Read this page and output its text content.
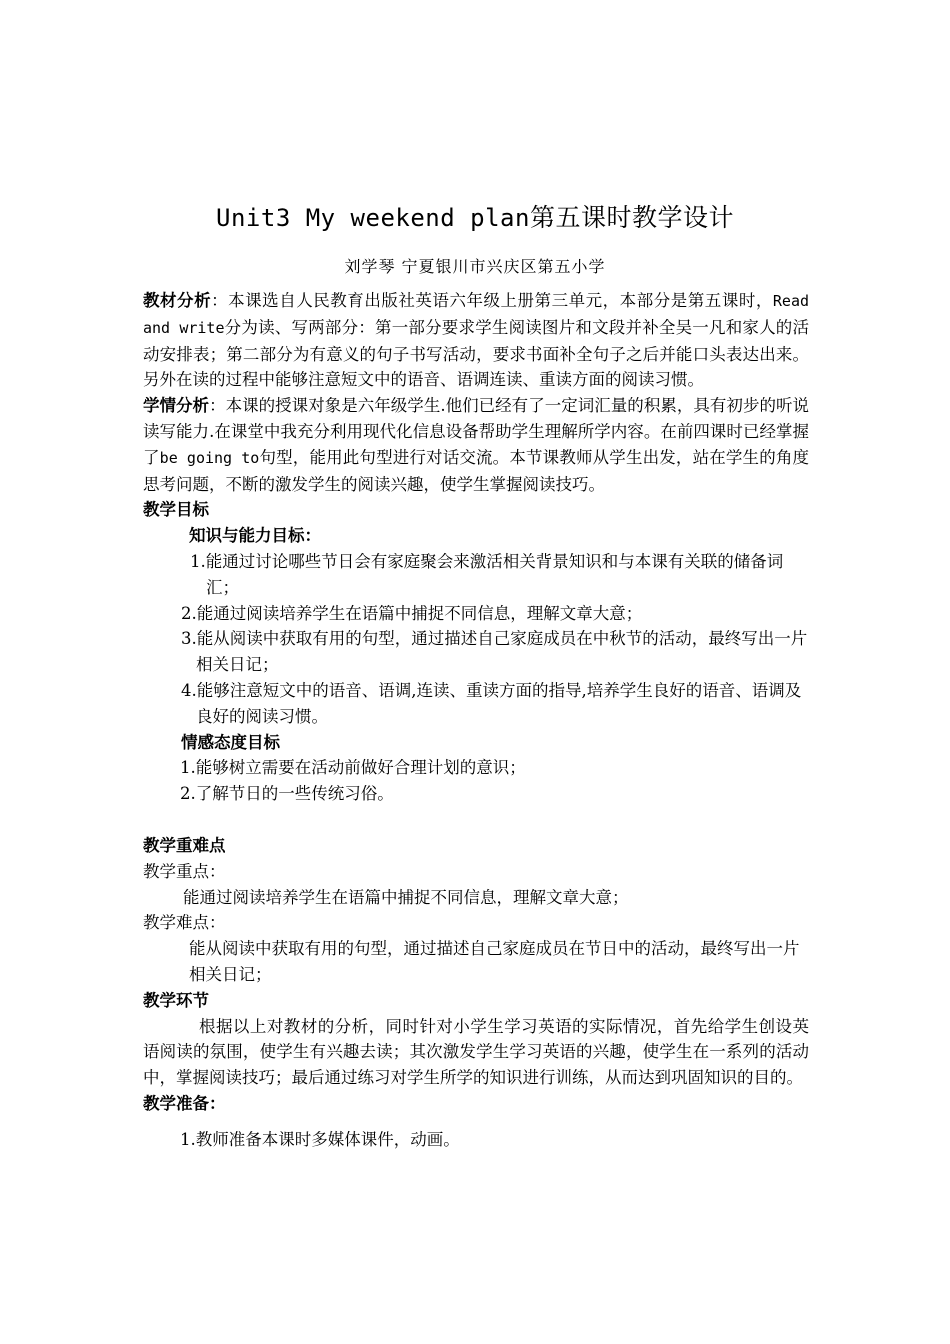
Unit3 My weekend plan第五课时教学设计
刘学琴 宁夏银川市兴庆区第五小学
教材分析：本课选自人民教育出版社英语六年级上册第三单元，本部分是第五课时，Read and write分为读、写两部分：第一部分要求学生阅读图片和文段并补全吴一凡和家人的活动安排表；第二部分为有意义的句子书写活动，要求书面补全句子之后并能口头表达出来。另外在读的过程中能够注意短文中的语音、语调连读、重读方面的阅读习惯。
学情分析：本课的授课对象是六年级学生.他们已经有了一定词汇量的积累，具有初步的听说读写能力.在课堂中我充分利用现代化信息设备帮助学生理解所学内容。在前四课时已经掌握了be going to句型，能用此句型进行对话交流。本节课教师从学生出发，站在学生的角度思考问题，不断的激发学生的阅读兴趣，使学生掌握阅读技巧。
教学目标
知识与能力目标：
1.能通过讨论哪些节日会有家庭聚会来激活相关背景知识和与本课有关联的储备词汇；
2.能通过阅读培养学生在语篇中捕捉不同信息，理解文章大意；
3.能从阅读中获取有用的句型，通过描述自己家庭成员在中秋节的活动，最终写出一片相关日记；
4.能够注意短文中的语音、语调,连读、重读方面的指导,培养学生良好的语音、语调及良好的阅读习惯。
情感态度目标
1.能够树立需要在活动前做好合理计划的意识；
2.了解节日的一些传统习俗。
教学重难点
教学重点：
能通过阅读培养学生在语篇中捕捉不同信息，理解文章大意；
教学难点：
能从阅读中获取有用的句型，通过描述自己家庭成员在节日中的活动，最终写出一片相关日记；
教学环节
根据以上对教材的分析，同时针对小学生学习英语的实际情况，首先给学生创设英语阅读的氛围，使学生有兴趣去读；其次激发学生学习英语的兴趣，使学生在一系列的活动中，掌握阅读技巧；最后通过练习对学生所学的知识进行训练，从而达到巩固知识的目的。
教学准备：
1.教师准备本课时多媒体课件，动画。
